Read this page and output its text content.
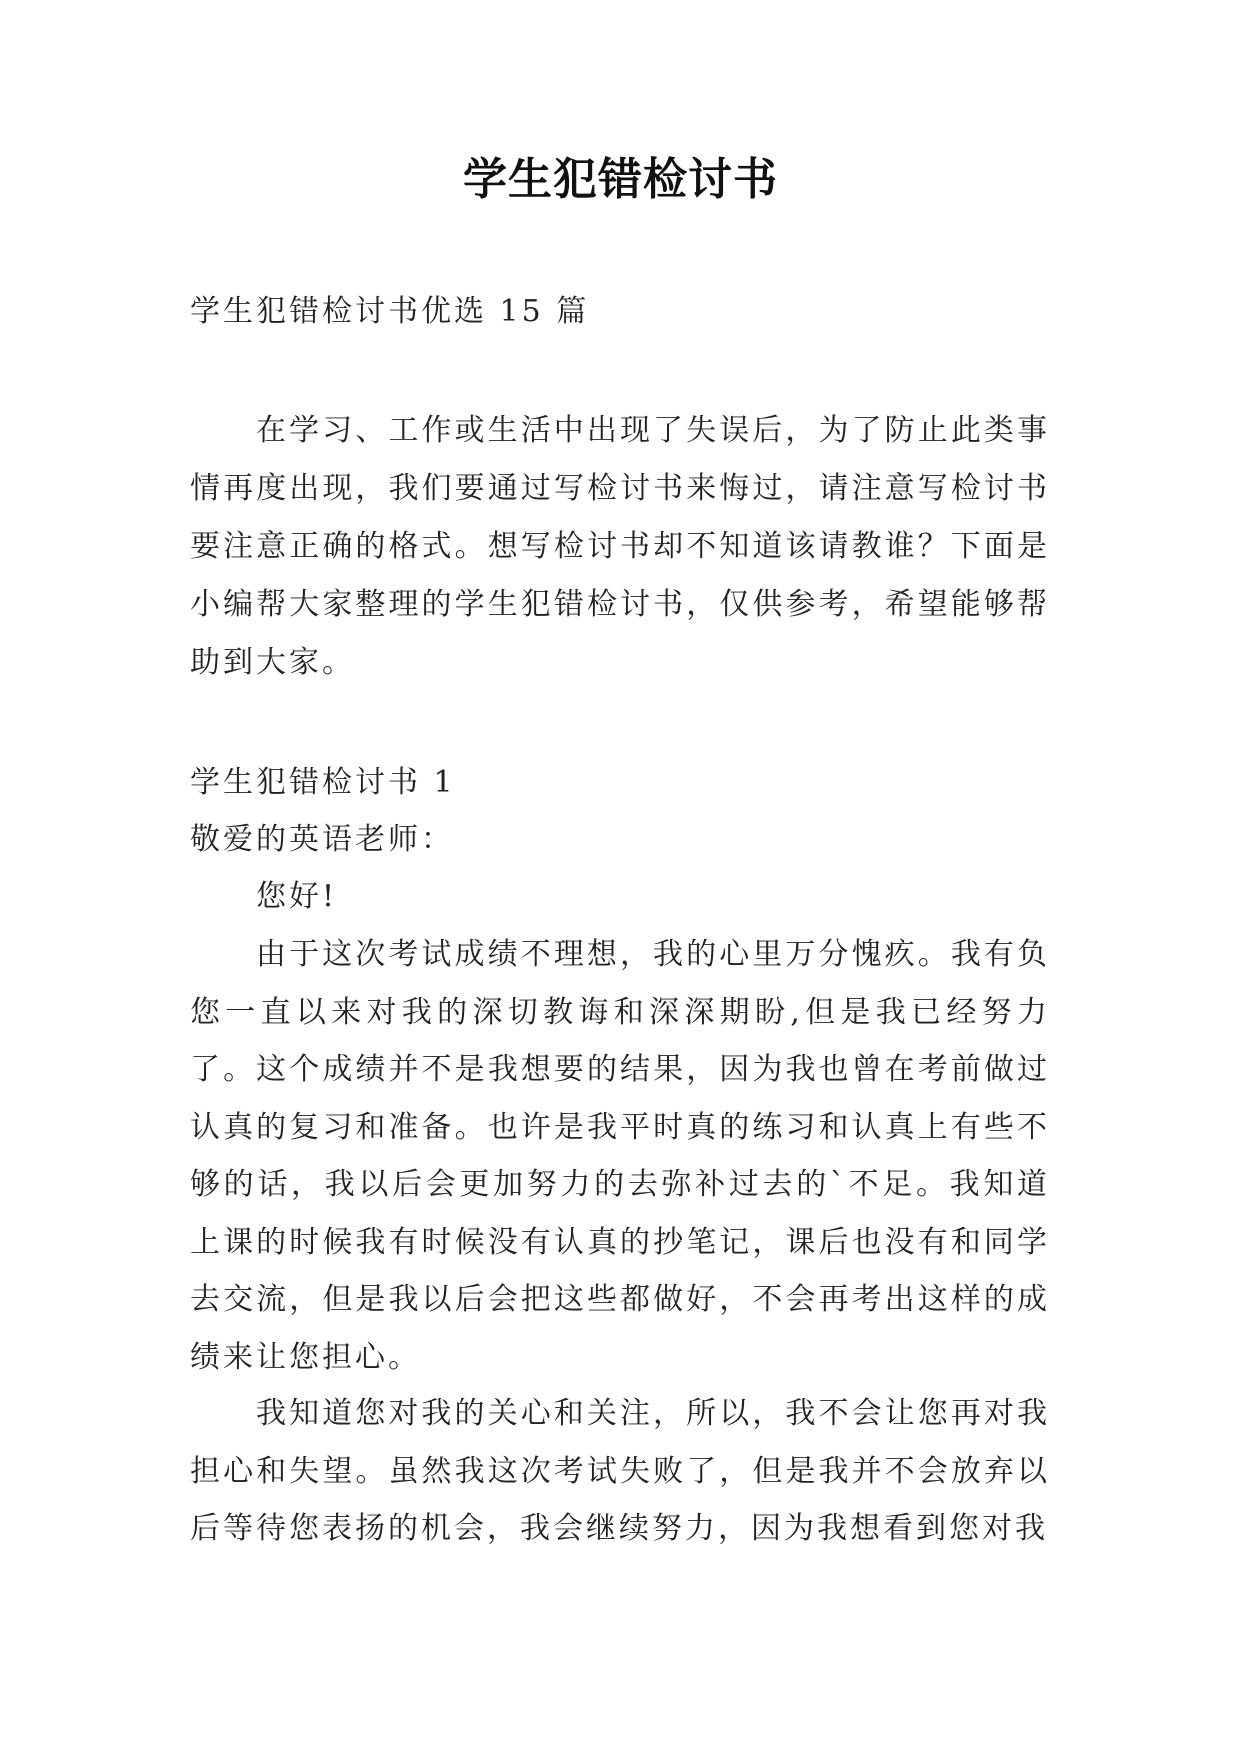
学生犯错检讨书

学生犯错检讨书优选 15 篇

在学习、工作或生活中出现了失误后，为了防止此类事情再度出现，我们要通过写检讨书来悔过，请注意写检讨书要注意正确的格式。想写检讨书却不知道该请教谁？下面是小编帮大家整理的学生犯错检讨书，仅供参考，希望能够帮助到大家。

学生犯错检讨书 1

敬爱的英语老师：

您好!

由于这次考试成绩不理想，我的心里万分愧疚。我有负您一直以来对我的深切教诲和深深期盼,但是我已经努力了。这个成绩并不是我想要的结果，因为我也曾在考前做过认真的复习和准备。也许是我平时真的练习和认真上有些不够的话，我以后会更加努力的去弥补过去的`不足。我知道上课的时候我有时候没有认真的抄笔记，课后也没有和同学去交流，但是我以后会把这些都做好，不会再考出这样的成绩来让您担心。

我知道您对我的关心和关注，所以，我不会让您再对我担心和失望。虽然我这次考试失败了，但是我并不会放弃以后等待您表扬的机会，我会继续努力，因为我想看到您对我
